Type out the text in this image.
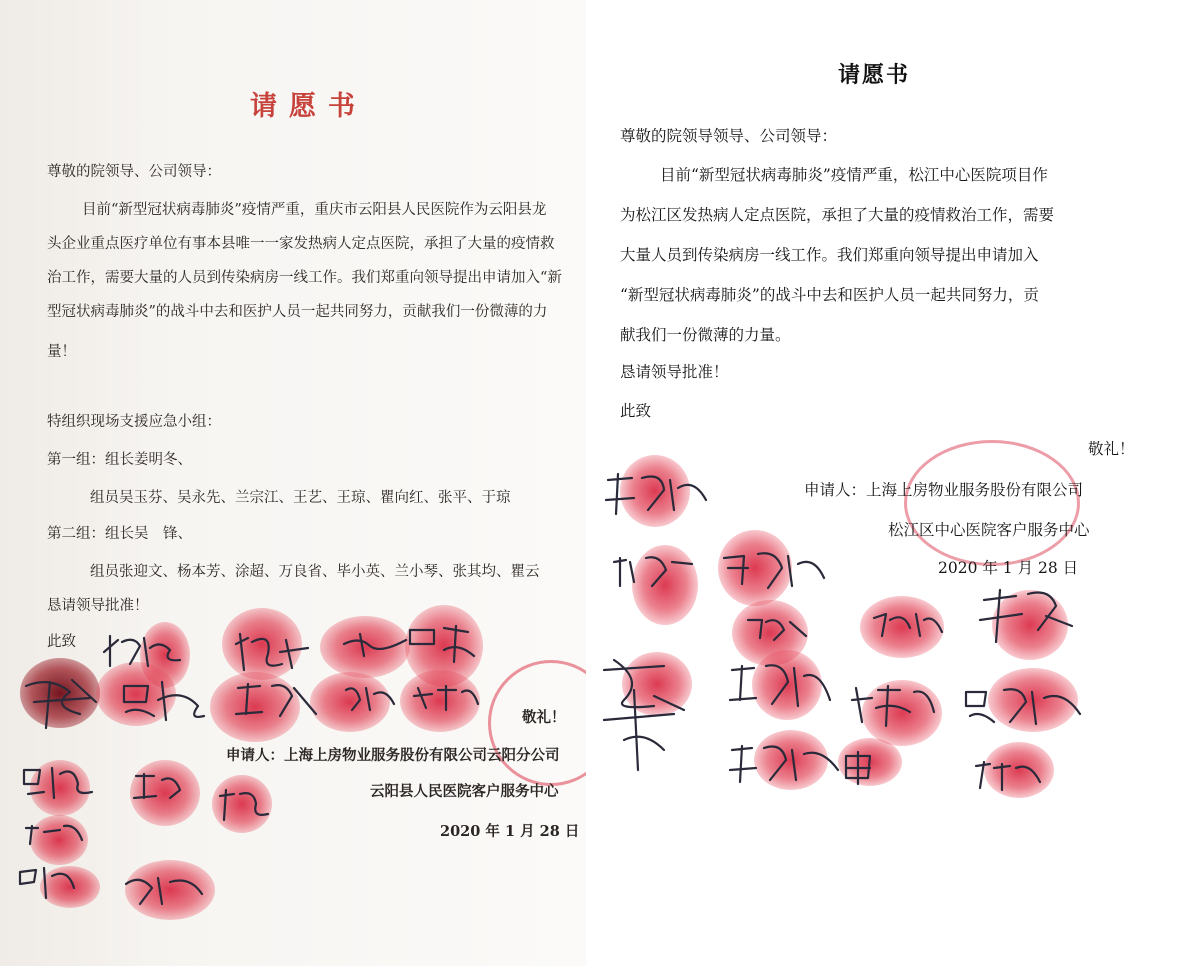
请愿书
尊敬的院领导、公司领导：
目前“新型冠状病毒肺炎”疫情严重，重庆市云阳县人民医院作为云阳县龙
头企业重点医疗单位有事本县唯一一家发热病人定点医院，承担了大量的疫情救
治工作，需要大量的人员到传染病房一线工作。我们郑重向领导提出申请加入“新
型冠状病毒肺炎”的战斗中去和医护人员一起共同努力，贡献我们一份微薄的力
量！
特组织现场支援应急小组：
第一组：组长姜明冬、
组员吴玉芬、吴永先、兰宗江、王艺、王琼、瞿向红、张平、于琼
第二组：组长吴　锋、
组员张迎文、杨本芳、涂超、万良省、毕小英、兰小琴、张其均、瞿云
恳请领导批准！
此致
敬礼！
申请人：上海上房物业服务股份有限公司云阳分公司
云阳县人民医院客户服务中心
2020 年 1 月 28 日
请愿书
尊敬的院领导领导、公司领导：
目前“新型冠状病毒肺炎”疫情严重，松江中心医院项目作
为松江区发热病人定点医院，承担了大量的疫情救治工作，需要
大量人员到传染病房一线工作。我们郑重向领导提出申请加入
“新型冠状病毒肺炎”的战斗中去和医护人员一起共同努力，贡
献我们一份微薄的力量。
恳请领导批准！
此致
敬礼！
申请人：上海上房物业服务股份有限公司
松江区中心医院客户服务中心
2020 年 1 月 28 日
